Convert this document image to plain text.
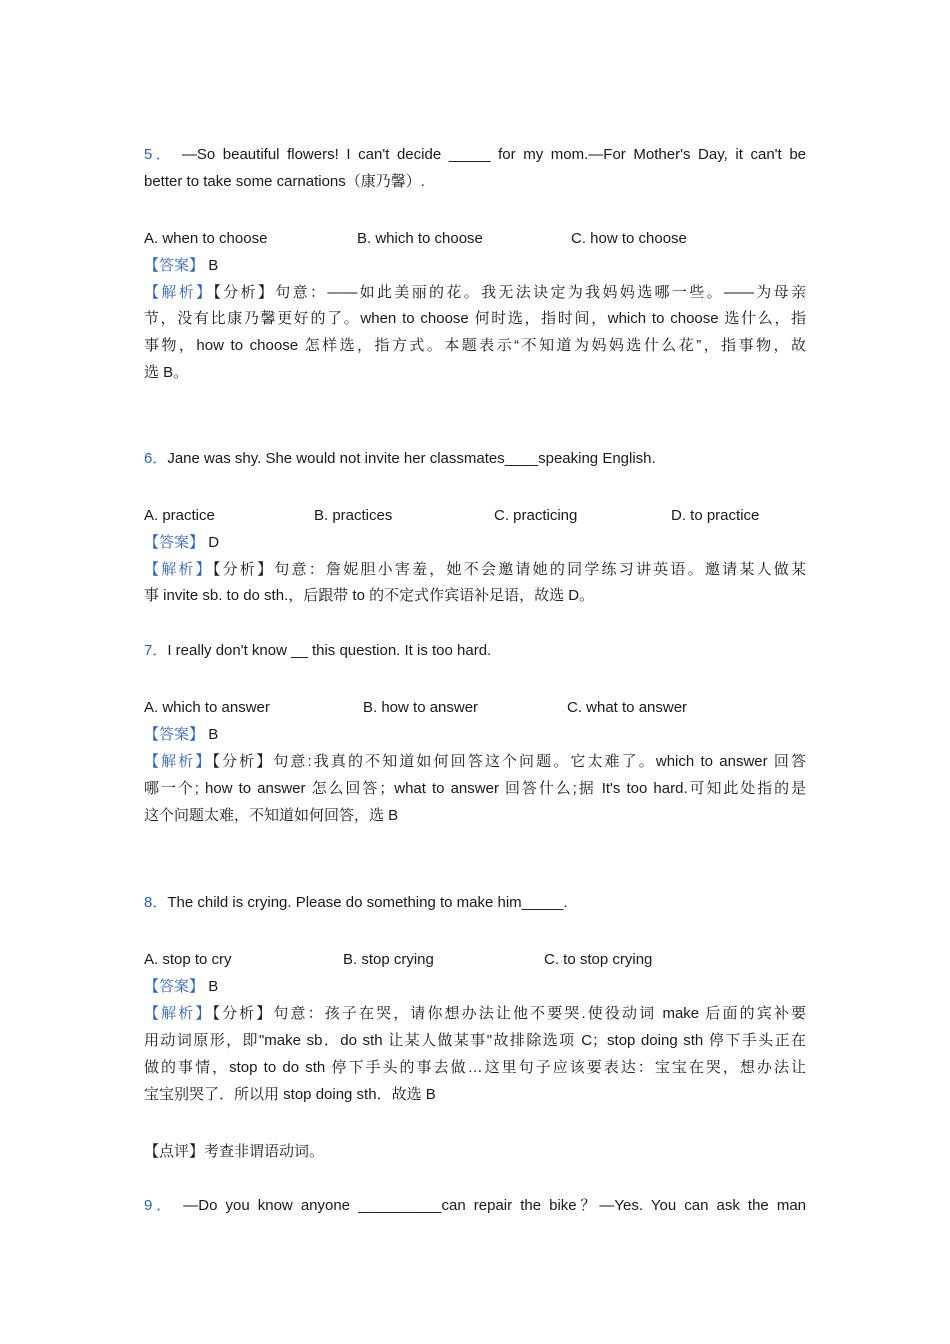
5． —So beautiful flowers! I can't decide _____ for my mom.—For Mother's Day, it can't be
better to take some carnations（康乃馨）.
A. when to choose	B. which to choose	C. how to choose
【答案】 B
【解析】【分析】句意：——如此美丽的花。我无法诀定为我妈妈选哪一些。——为母亲
节，没有比康乃馨更好的了。when to choose 何时选，指时间，which to choose 选什么，指
事物，how to choose 怎样选，指方式。本题表示“不知道为妈妈选什么花”，指事物，故
选 B。
6．Jane was shy. She would not invite her classmates____speaking English.
A. practice	B. practices	C. practicing	D. to practice
【答案】 D
【解析】【分析】句意：詹妮胆小害羞，她不会邀请她的同学练习讲英语。邀请某人做某
事 invite sb. to do sth.，后跟带 to 的不定式作宾语补足语，故选 D。
7．I really don't know __ this question. It is too hard.
A. which to answer	B. how to answer	C. what to answer
【答案】 B
【解析】【分析】句意:我真的不知道如何回答这个问题。它太难了。which to answer 回答
哪一个; how to answer 怎么回答；what to answer 回答什么;据 It's too hard.可知此处指的是
这个问题太难，不知道如何回答，选 B
8．The child is crying. Please do something to make him_____.
A. stop to cry	B. stop crying	C. to stop crying
【答案】 B
【解析】【分析】句意：孩子在哭，请你想办法让他不要哭.使役动词 make 后面的宾补要
用动词原形，即"make sb．do sth 让某人做某事"故排除选项 C；stop doing sth 停下手头正在
做的事情，stop to do sth 停下手头的事去做…这里句子应该要表达：宝宝在哭，想办法让
宝宝别哭了．所以用 stop doing sth．故选 B
【点评】考查非谓语动词。
9． —Do you know anyone __________can repair the bike？—Yes. You can ask the man
